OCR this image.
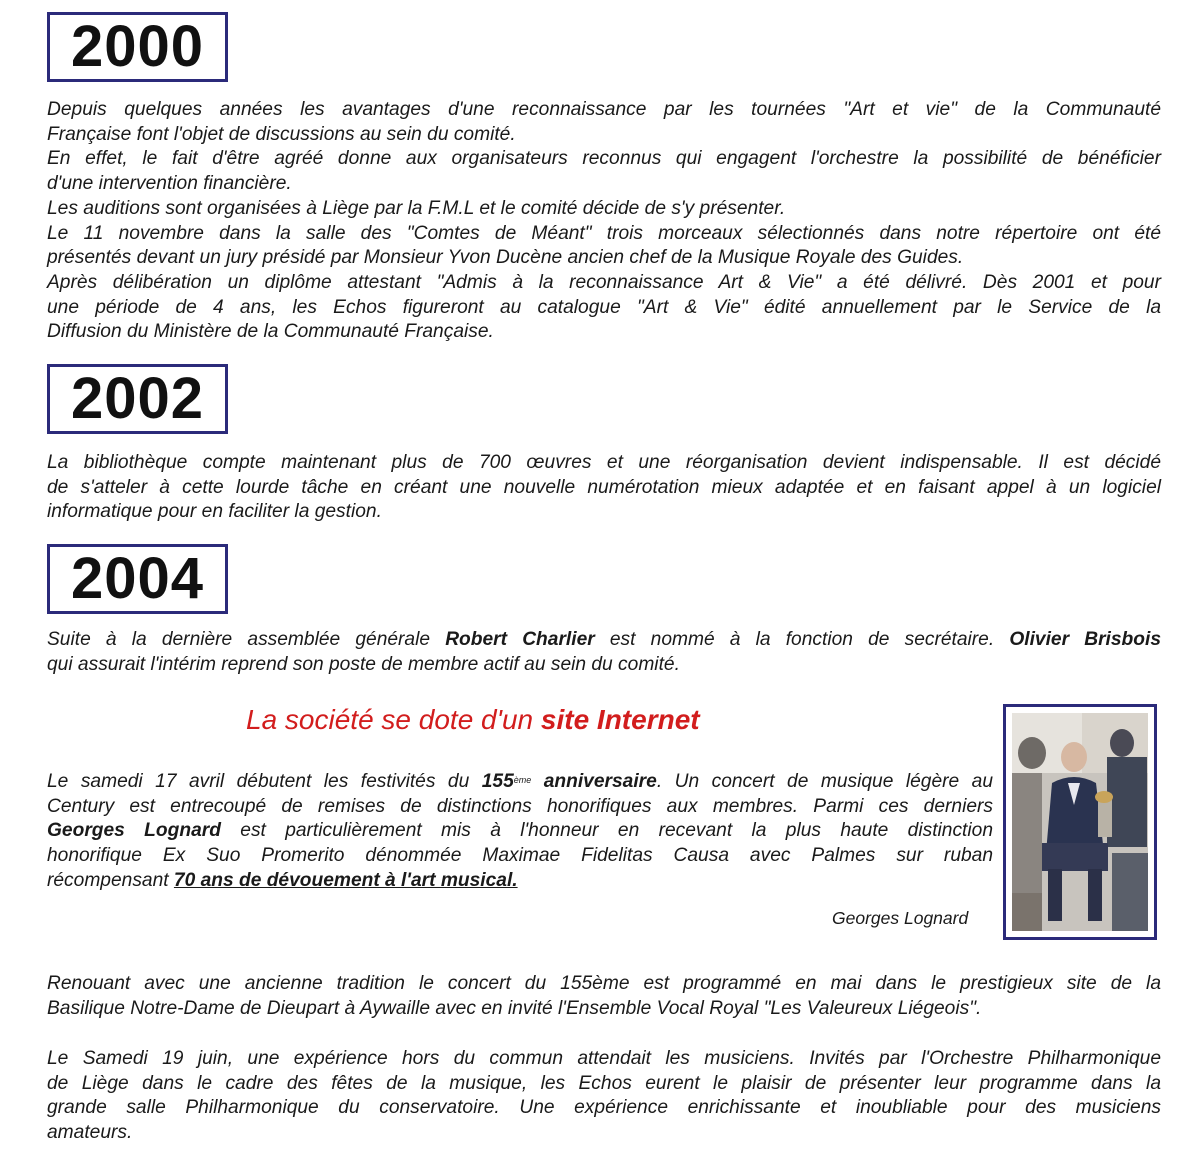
2000
Depuis quelques années les avantages d'une reconnaissance par les tournées "Art et vie" de la Communauté
Française font l'objet de discussions au sein du comité.
En effet, le fait d'être agréé donne aux organisateurs reconnus qui engagent l'orchestre la possibilité de bénéficier
d'une intervention financière.
Les auditions sont organisées à Liège par la F.M.L et le comité décide de s'y présenter.
Le 11 novembre dans la salle des "Comtes de Méant" trois morceaux sélectionnés dans notre répertoire ont été
présentés devant un jury présidé par Monsieur Yvon Ducène ancien chef de la Musique Royale des Guides.
Après délibération un diplôme attestant "Admis à la reconnaissance Art & Vie" a été délivré. Dès 2001 et pour
une période de 4 ans, les Echos figureront au catalogue "Art & Vie" édité annuellement par le Service de la
Diffusion du Ministère de la Communauté Française.
2002
La bibliothèque compte maintenant plus de 700 œuvres et une réorganisation devient indispensable. Il est décidé
de s'atteler à cette lourde tâche en créant une nouvelle numérotation mieux adaptée et en faisant appel à un logiciel
informatique pour en faciliter la gestion.
2004
Suite à la dernière assemblée générale Robert Charlier est nommé à la fonction de secrétaire. Olivier Brisbois
qui assurait l'intérim reprend son poste de membre actif au sein du comité.
La société se dote d'un site Internet
Le samedi 17 avril débutent les festivités du 155ème anniversaire. Un concert de musique légère au
Century est entrecoupé de remises de distinctions honorifiques aux membres. Parmi ces derniers
Georges Lognard est particulièrement mis à l'honneur en recevant la plus haute distinction
honorifique Ex Suo Promerito dénommée Maximae Fidelitas Causa avec Palmes sur ruban
récompensant 70 ans de dévouement à l'art musical.
Georges Lognard
Renouant avec une ancienne tradition le concert du 155ème est programmé en mai dans le prestigieux site de la
Basilique Notre-Dame de Dieupart à Aywaille avec en invité l'Ensemble Vocal Royal "Les Valeureux Liégeois".
Le Samedi 19 juin, une expérience hors du commun attendait les musiciens. Invités par l'Orchestre Philharmonique
de Liège dans le cadre des fêtes de la musique, les Echos eurent le plaisir de présenter leur programme dans la
grande salle Philharmonique du conservatoire. Une expérience enrichissante et inoubliable pour des musiciens
amateurs.
